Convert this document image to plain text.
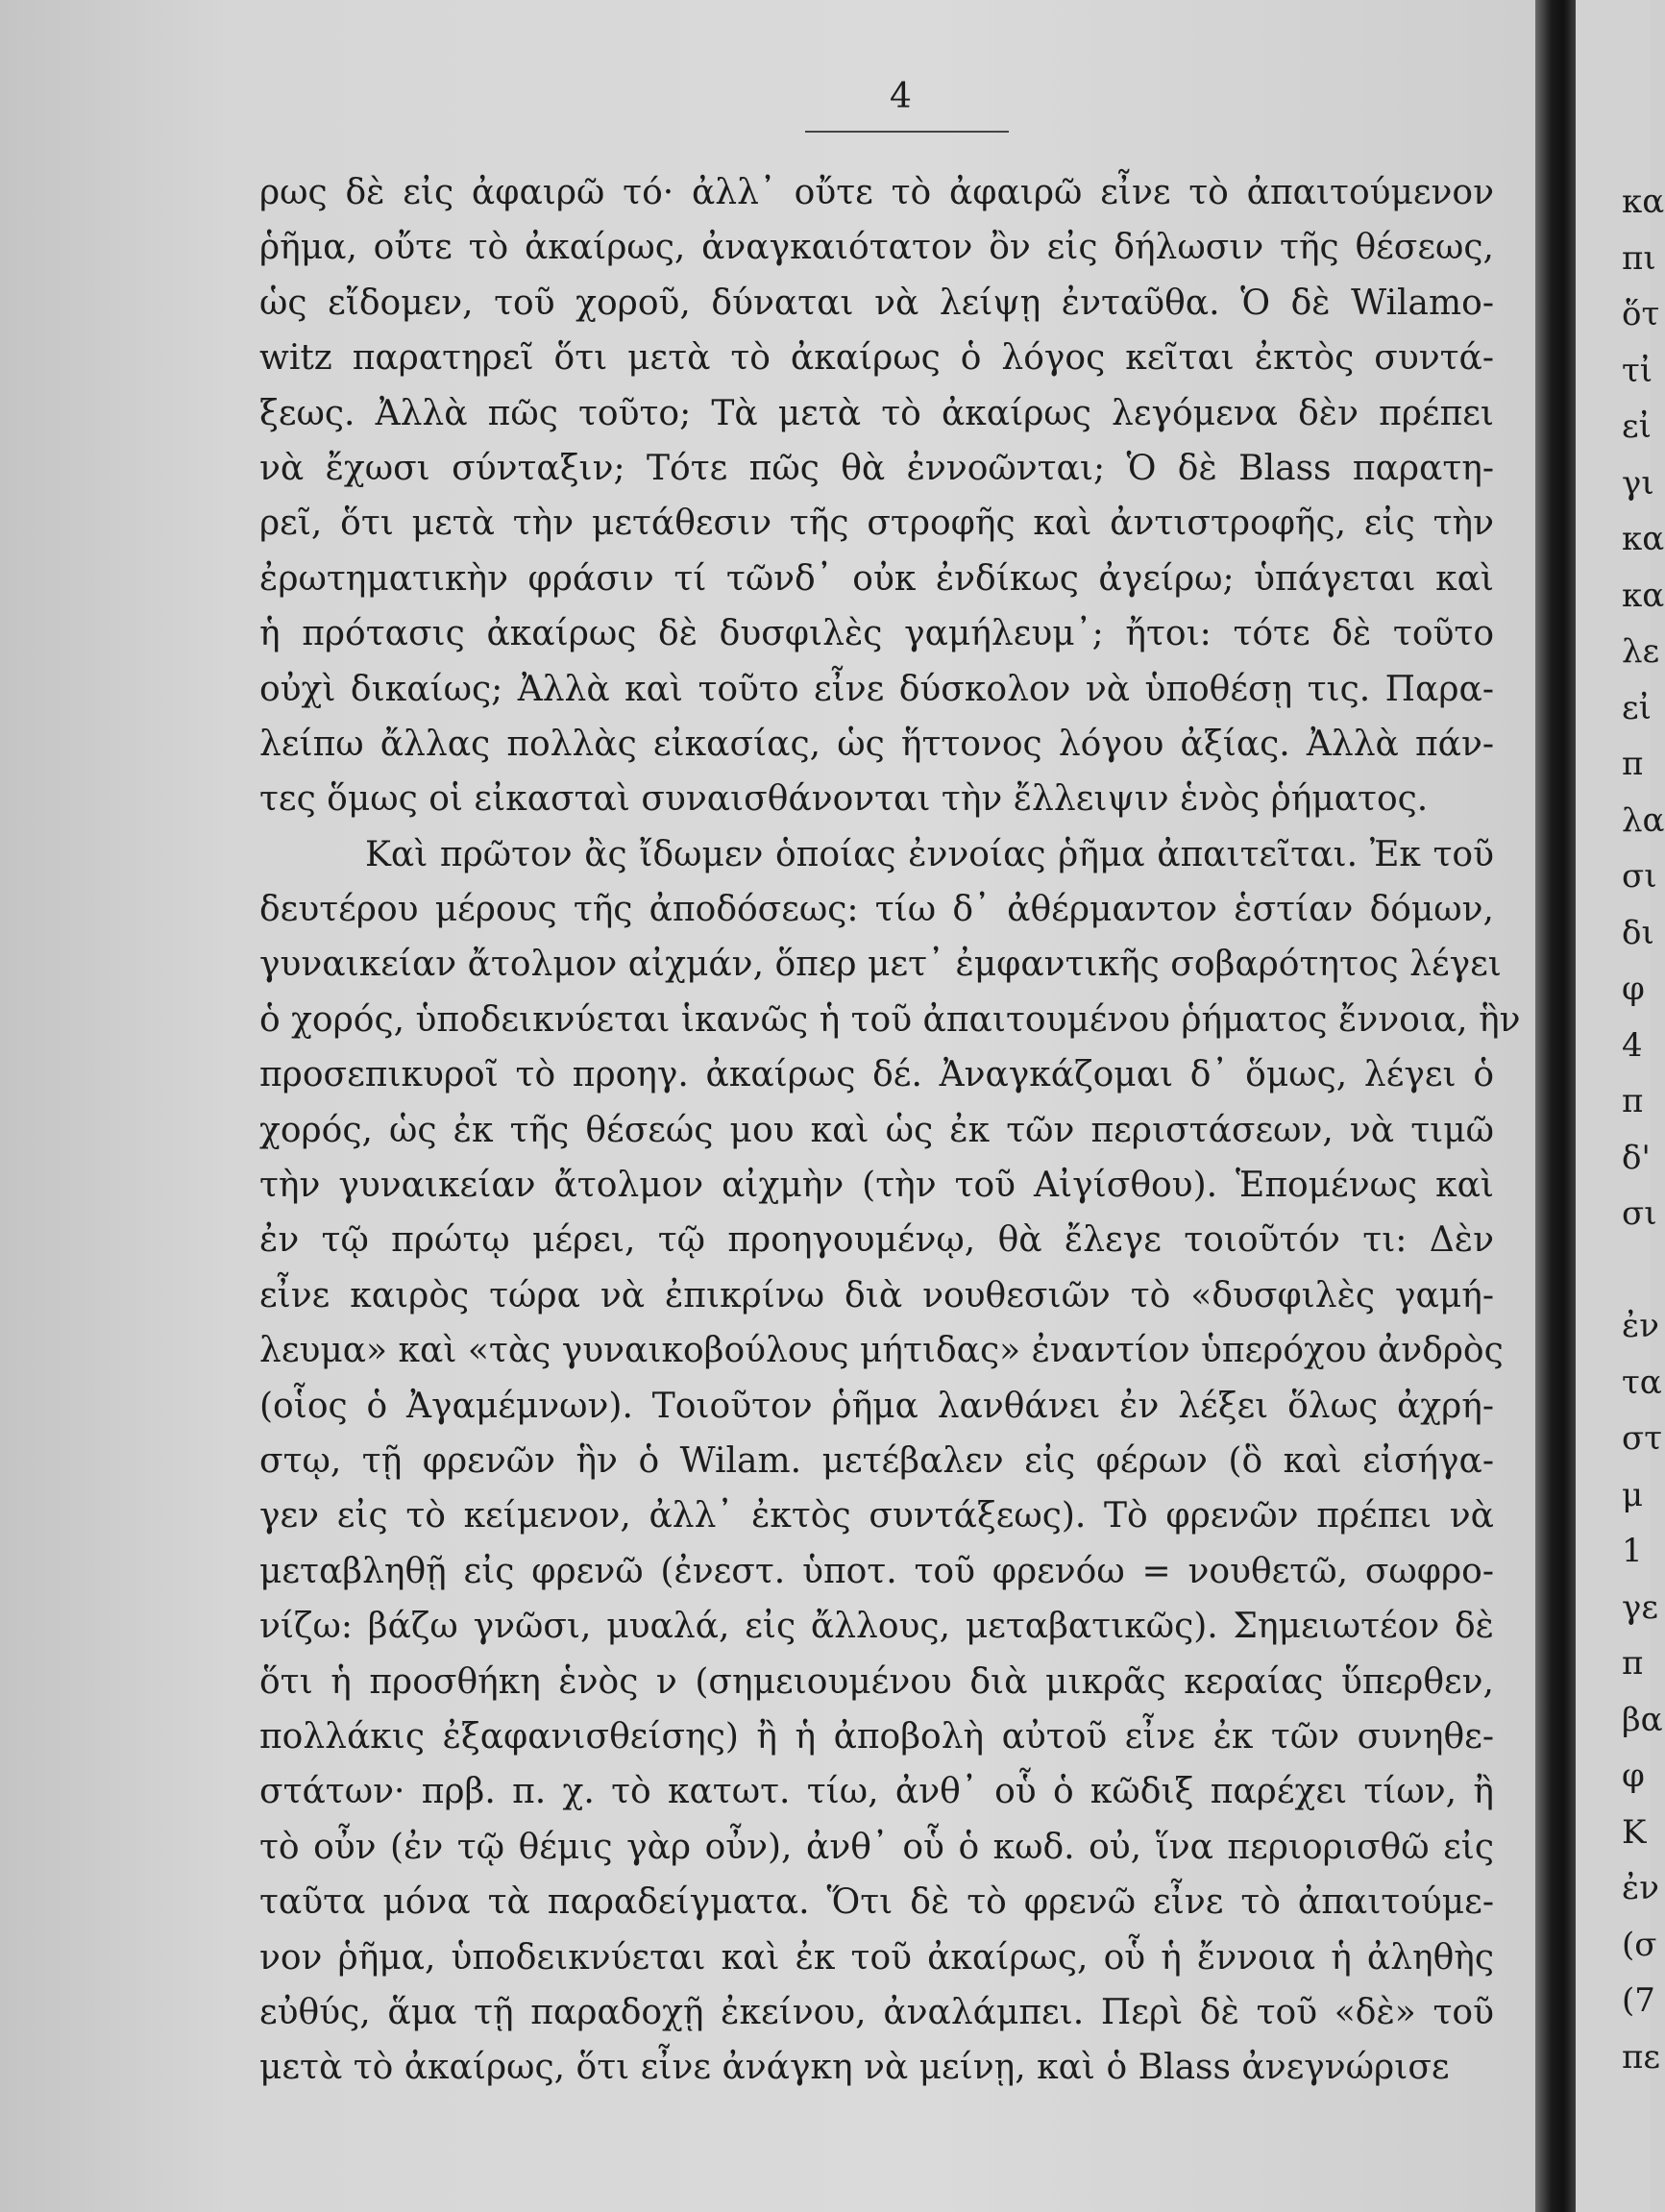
4
ρως δὲ εἰς ἀφαιρῶ τό· ἀλλ᾽ οὔτε τὸ ἀφαιρῶ εἶνε τὸ ἀπαιτούμενον
ῥῆμα, οὔτε τὸ ἀκαίρως, ἀναγκαιότατον ὂν εἰς δήλωσιν τῆς θέσεως,
ὡς εἴδομεν, τοῦ χοροῦ, δύναται νὰ λείψῃ ἐνταῦθα. Ὁ δὲ Wilamo-
witz παρατηρεῖ ὅτι μετὰ τὸ ἀκαίρως ὁ λόγος κεῖται ἐκτὸς συντά-
ξεως. Ἀλλὰ πῶς τοῦτο; Τὰ μετὰ τὸ ἀκαίρως λεγόμενα δὲν πρέπει
νὰ ἔχωσι σύνταξιν; Τότε πῶς θὰ ἐννοῶνται; Ὁ δὲ Blass παρατη-
ρεῖ, ὅτι μετὰ τὴν μετάθεσιν τῆς στροφῆς καὶ ἀντιστροφῆς, εἰς τὴν
ἐρωτηματικὴν φράσιν τί τῶνδ᾽ οὐκ ἐνδίκως ἀγείρω; ὑπάγεται καὶ
ἡ πρότασις ἀκαίρως δὲ δυσφιλὲς γαμήλευμ᾽; ἤτοι: τότε δὲ τοῦτο
οὐχὶ δικαίως; Ἀλλὰ καὶ τοῦτο εἶνε δύσκολον νὰ ὑποθέσῃ τις. Παρα-
λείπω ἄλλας πολλὰς εἰκασίας, ὡς ἥττονος λόγου ἀξίας. Ἀλλὰ πάν-
τες ὅμως οἱ εἰκασταὶ συναισθάνονται τὴν ἔλλειψιν ἑνὸς ῥήματος.
Καὶ πρῶτον ἂς ἴδωμεν ὁποίας ἐννοίας ῥῆμα ἀπαιτεῖται. Ἐκ τοῦ
δευτέρου μέρους τῆς ἀποδόσεως: τίω δ᾽ ἀθέρμαντον ἑστίαν δόμων,
γυναικείαν ἄτολμον αἰχμάν, ὅπερ μετ᾽ ἐμφαντικῆς σοβαρότητος λέγει
ὁ χορός, ὑποδεικνύεται ἱκανῶς ἡ τοῦ ἀπαιτουμένου ῥήματος ἔννοια, ἣν
προσεπικυροῖ τὸ προηγ. ἀκαίρως δέ. Ἀναγκάζομαι δ᾽ ὅμως, λέγει ὁ
χορός, ὡς ἐκ τῆς θέσεώς μου καὶ ὡς ἐκ τῶν περιστάσεων, νὰ τιμῶ
τὴν γυναικείαν ἄτολμον αἰχμὴν (τὴν τοῦ Αἰγίσθου). Ἑπομένως καὶ
ἐν τῷ πρώτῳ μέρει, τῷ προηγουμένῳ, θὰ ἔλεγε τοιοῦτόν τι: Δὲν
εἶνε καιρὸς τώρα νὰ ἐπικρίνω διὰ νουθεσιῶν τὸ «δυσφιλὲς γαμή-
λευμα» καὶ «τὰς γυναικοβούλους μήτιδας» ἐναντίον ὑπερόχου ἀνδρὸς
(οἷος ὁ Ἀγαμέμνων). Τοιοῦτον ῥῆμα λανθάνει ἐν λέξει ὅλως ἀχρή-
στῳ, τῇ φρενῶν ἣν ὁ Wilam. μετέβαλεν εἰς φέρων (ὃ καὶ εἰσήγα-
γεν εἰς τὸ κείμενον, ἀλλ᾽ ἐκτὸς συντάξεως). Τὸ φρενῶν πρέπει νὰ
μεταβληθῇ εἰς φρενῶ (ἐνεστ. ὑποτ. τοῦ φρενόω = νουθετῶ, σωφρο-
νίζω: βάζω γνῶσι, μυαλά, εἰς ἄλλους, μεταβατικῶς). Σημειωτέον δὲ
ὅτι ἡ προσθήκη ἑνὸς ν (σημειουμένου διὰ μικρᾶς κεραίας ὕπερθεν,
πολλάκις ἐξαφανισθείσης) ἢ ἡ ἀποβολὴ αὐτοῦ εἶνε ἐκ τῶν συνηθε-
στάτων· πρβ. π. χ. τὸ κατωτ. τίω, ἀνθ᾽ οὗ ὁ κῶδιξ παρέχει τίων, ἢ
τὸ οὖν (ἐν τῷ θέμις γὰρ οὖν), ἀνθ᾽ οὗ ὁ κωδ. οὐ, ἵνα περιορισθῶ εἰς
ταῦτα μόνα τὰ παραδείγματα. Ὅτι δὲ τὸ φρενῶ εἶνε τὸ ἀπαιτούμε-
νον ῥῆμα, ὑποδεικνύεται καὶ ἐκ τοῦ ἀκαίρως, οὗ ἡ ἔννοια ἡ ἀληθὴς
εὐθύς, ἅμα τῇ παραδοχῇ ἐκείνου, ἀναλάμπει. Περὶ δὲ τοῦ «δὲ» τοῦ
μετὰ τὸ ἀκαίρως, ὅτι εἶνε ἀνάγκη νὰ μείνῃ, καὶ ὁ Blass ἀνεγνώρισε
κα
πι
ὅτ
τἰ
εἰ
γι
κα
κα
λε
εἰ
π
λα
σι
δι
φ
4
π
δ'
σι
ἐν
τα
στ
μ
1
γε
π
βα
φ
Κ
ἐν
(σ
(7
πε
